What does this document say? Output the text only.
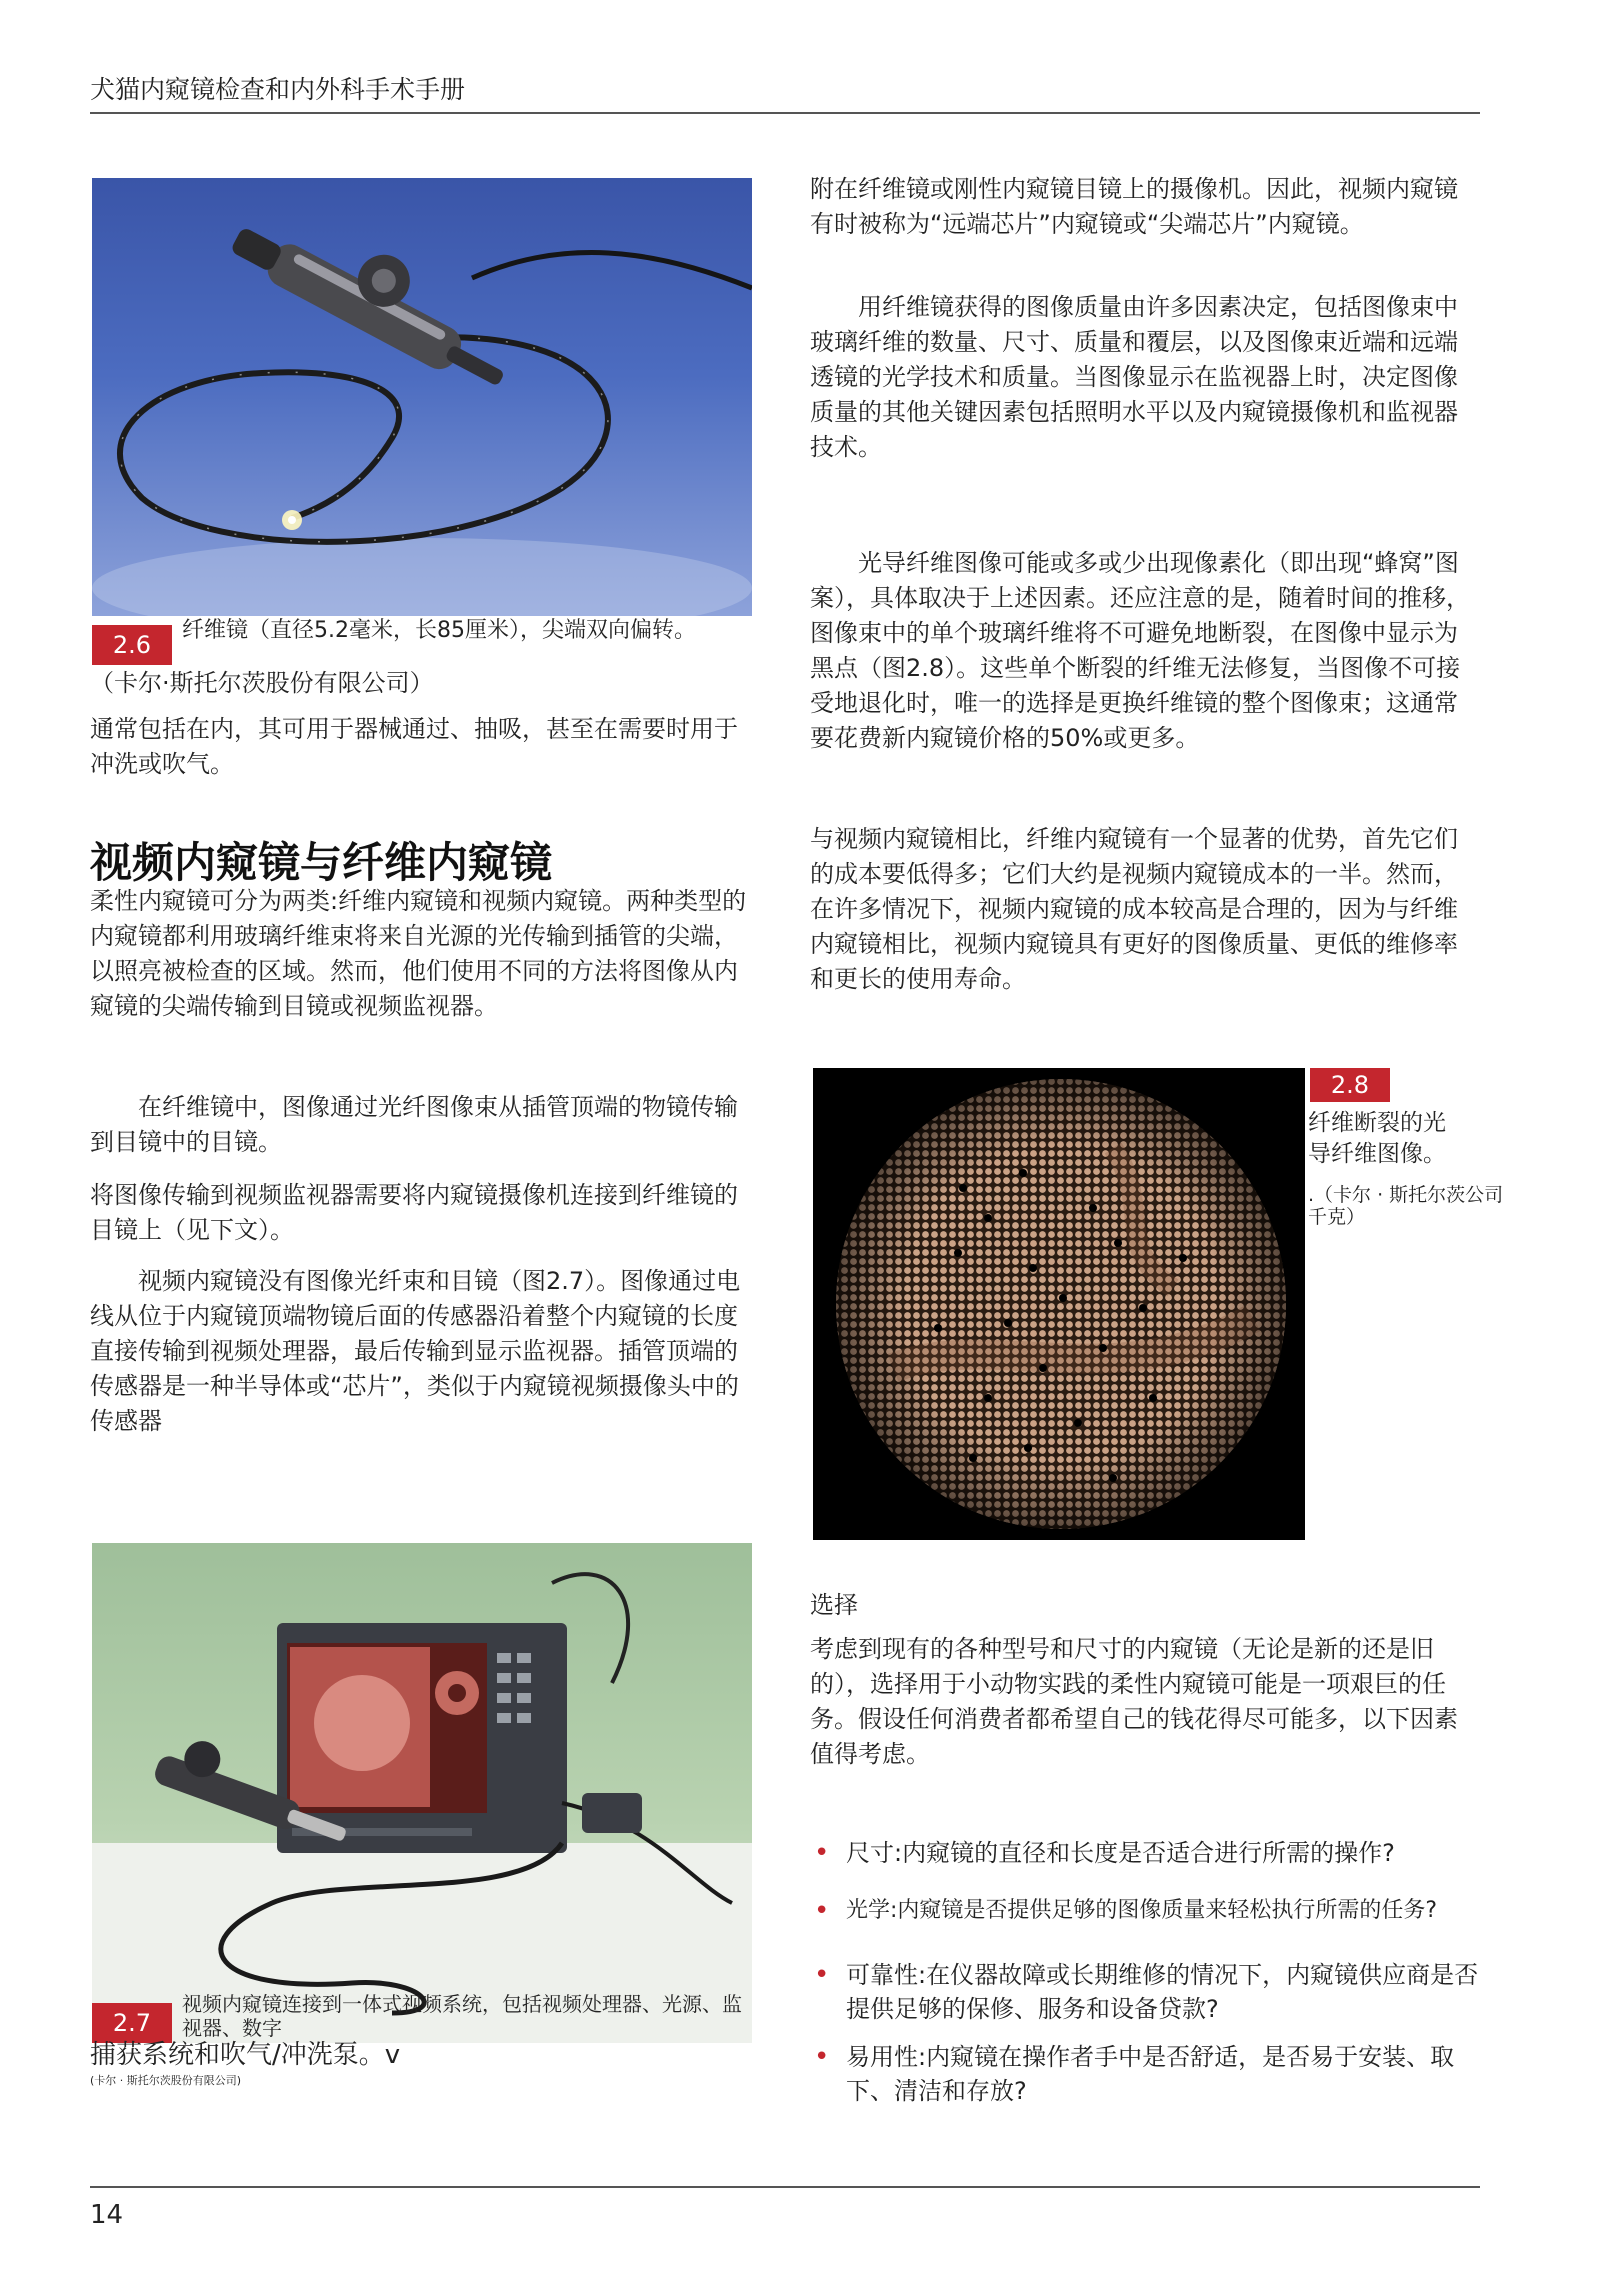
犬猫内窥镜检查和内外科手术手册
2.6
纤维镜（直径5.2毫米，长85厘米），尖端双向偏转。
（卡尔·斯托尔茨股份有限公司）

通常包括在内，其可用于器械通过、抽吸，甚至在需要时用于冲洗或吹气。

视频内窥镜与纤维内窥镜

柔性内窥镜可分为两类:纤维内窥镜和视频内窥镜。两种类型的内窥镜都利用玻璃纤维束将来自光源的光传输到插管的尖端，以照亮被检查的区域。然而，他们使用不同的方法将图像从内窥镜的尖端传输到目镜或视频监视器。

在纤维镜中，图像通过光纤图像束从插管顶端的物镜传输到目镜中的目镜。

将图像传输到视频监视器需要将内窥镜摄像机连接到纤维镜的目镜上（见下文）。

视频内窥镜没有图像光纤束和目镜（图2.7）。图像通过电线从位于内窥镜顶端物镜后面的传感器沿着整个内窥镜的长度直接传输到视频处理器，最后传输到显示监视器。插管顶端的传感器是一种半导体或“芯片”，类似于内窥镜视频摄像头中的传感器

2.7
视频内窥镜连接到一体式视频系统，包括视频处理器、光源、监视器、数字
捕获系统和吹气/冲洗泵。v
(卡尔 · 斯托尔茨股份有限公司)

附在纤维镜或刚性内窥镜目镜上的摄像机。因此，视频内窥镜有时被称为“远端芯片”内窥镜或“尖端芯片”内窥镜。

用纤维镜获得的图像质量由许多因素决定，包括图像束中玻璃纤维的数量、尺寸、质量和覆层，以及图像束近端和远端透镜的光学技术和质量。当图像显示在监视器上时，决定图像质量的其他关键因素包括照明水平以及内窥镜摄像机和监视器技术。

光导纤维图像可能或多或少出现像素化（即出现“蜂窝”图案），具体取决于上述因素。还应注意的是，随着时间的推移，图像束中的单个玻璃纤维将不可避免地断裂，在图像中显示为黑点（图2.8）。这些单个断裂的纤维无法修复，当图像不可接受地退化时，唯一的选择是更换纤维镜的整个图像束；这通常要花费新内窥镜价格的50%或更多。

与视频内窥镜相比，纤维内窥镜有一个显著的优势，首先它们的成本要低得多；它们大约是视频内窥镜成本的一半。然而，在许多情况下，视频内窥镜的成本较高是合理的，因为与纤维内窥镜相比，视频内窥镜具有更好的图像质量、更低的维修率和更长的使用寿命。

2.8
纤维断裂的光导纤维图像。
.（卡尔 · 斯托尔茨公司
千克）
选择

考虑到现有的各种型号和尺寸的内窥镜（无论是新的还是旧的），选择用于小动物实践的柔性内窥镜可能是一项艰巨的任务。假设任何消费者都希望自己的钱花得尽可能多，以下因素值得考虑。

• 尺寸:内窥镜的直径和长度是否适合进行所需的操作?
• 光学:内窥镜是否提供足够的图像质量来轻松执行所需的任务?
• 可靠性:在仪器故障或长期维修的情况下，内窥镜供应商是否提供足够的保修、服务和设备贷款?
• 易用性:内窥镜在操作者手中是否舒适，是否易于安装、取下、清洁和存放?
14
